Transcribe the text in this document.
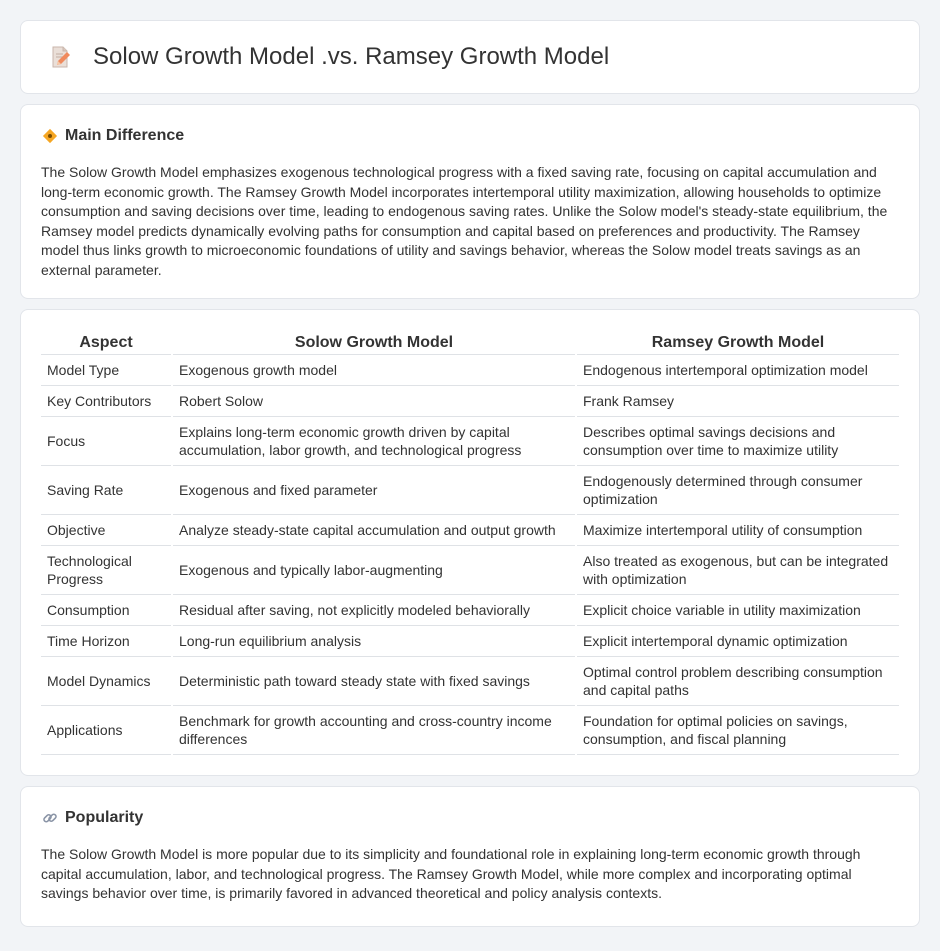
Solow Growth Model .vs. Ramsey Growth Model
Main Difference

The Solow Growth Model emphasizes exogenous technological progress with a fixed saving rate, focusing on capital accumulation and long-term economic growth. The Ramsey Growth Model incorporates intertemporal utility maximization, allowing households to optimize consumption and saving decisions over time, leading to endogenous saving rates. Unlike the Solow model's steady-state equilibrium, the Ramsey model predicts dynamically evolving paths for consumption and capital based on preferences and productivity. The Ramsey model thus links growth to microeconomic foundations of utility and savings behavior, whereas the Solow model treats savings as an external parameter.

Aspect	Solow Growth Model	Ramsey Growth Model
Model Type	Exogenous growth model	Endogenous intertemporal optimization model
Key Contributors	Robert Solow	Frank Ramsey
Focus	Explains long-term economic growth driven by capital accumulation, labor growth, and technological progress	Describes optimal savings decisions and consumption over time to maximize utility
Saving Rate	Exogenous and fixed parameter	Endogenously determined through consumer optimization
Objective	Analyze steady-state capital accumulation and output growth	Maximize intertemporal utility of consumption
Technological Progress	Exogenous and typically labor-augmenting	Also treated as exogenous, but can be integrated with optimization
Consumption	Residual after saving, not explicitly modeled behaviorally	Explicit choice variable in utility maximization
Time Horizon	Long-run equilibrium analysis	Explicit intertemporal dynamic optimization
Model Dynamics	Deterministic path toward steady state with fixed savings	Optimal control problem describing consumption and capital paths
Applications	Benchmark for growth accounting and cross-country income differences	Foundation for optimal policies on savings, consumption, and fiscal planning
Popularity

The Solow Growth Model is more popular due to its simplicity and foundational role in explaining long-term economic growth through capital accumulation, labor, and technological progress. The Ramsey Growth Model, while more complex and incorporating optimal savings behavior over time, is primarily favored in advanced theoretical and policy analysis contexts.
